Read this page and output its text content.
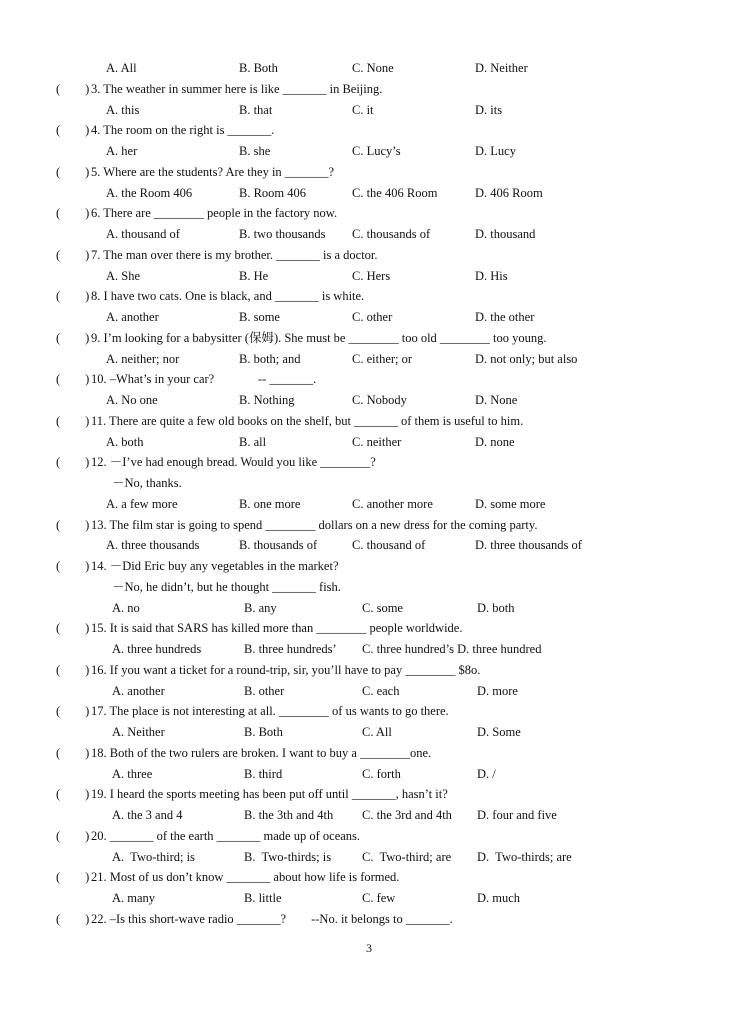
A. All	B. Both	C. None	D. Neither
(        ) 3. The weather in summer here is like _______ in Beijing.
A. this	B. that	C. it	D. its
(        ) 4. The room on the right is _______.
A. her	B. she	C. Lucy’s	D. Lucy
(        ) 5. Where are the students? Are they in _______?
A. the Room 406	B. Room 406	C. the 406 Room	D. 406 Room
(        ) 6. There are ________ people in the factory now.
A. thousand of	B. two thousands C. thousands of	D. thousand
(        ) 7. The man over there is my brother. _______ is a doctor.
A. She	B. He	C. Hers	D. His
(        ) 8. I have two cats. One is black, and _______ is white.
A. another	B. some	C. other	D. the other
(        ) 9. I’m looking for a babysitter (保姆). She must be ________ too old ________ too young.
A. neither; nor	B. both; and	C. either; or	D. not only; but also
(        ) 10. –What’s in your car?              -- _______.
A. No one	B. Nothing	C. Nobody	D. None
(        ) 11. There are quite a few old books on the shelf, but _______ of them is useful to him.
A. both	B. all	C. neither	D. none
(        ) 12. －I’ve had enough bread. Would you like ________?
－No, thanks.
A. a few more	B. one more	C. another more	D. some more
(        ) 13. The film star is going to spend ________ dollars on a new dress for the coming party.
A. three thousands	B. thousands of	C. thousand of	D. three thousands of
(        ) 14. －Did Eric buy any vegetables in the market?
－No, he didn’t, but he thought _______ fish.
A. no	B. any	C. some	D. both
(        ) 15. It is said that SARS has killed more than ________ people worldwide.
A. three hundreds	B. three hundreds’ C. three hundred’s D. three hundred
(        ) 16. If you want a ticket for a round-trip, sir, you’ll have to pay ________ $8o.
A. another	B. other	C. each	D. more
(        ) 17. The place is not interesting at all. ________ of us wants to go there.
A. Neither	B. Both	C. All	D. Some
(        ) 18. Both of the two rulers are broken. I want to buy a ________one.
A. three	B. third	C. forth	D. /
(        ) 19. I heard the sports meeting has been put off until _______, hasn’t it?
A. the 3 and 4	B. the 3th and 4th C. the 3rd and 4th D. four and five
(        ) 20. _______ of the earth _______ made up of oceans.
A.  Two-third; is	B.  Two-thirds; is C.  Two-third; are D.  Two-thirds; are
(        ) 21. Most of us don’t know _______ about how life is formed.
A. many	B. little	C. few	D. much
(        ) 22. –Is this short-wave radio _______?        --No. it belongs to _______.
3
